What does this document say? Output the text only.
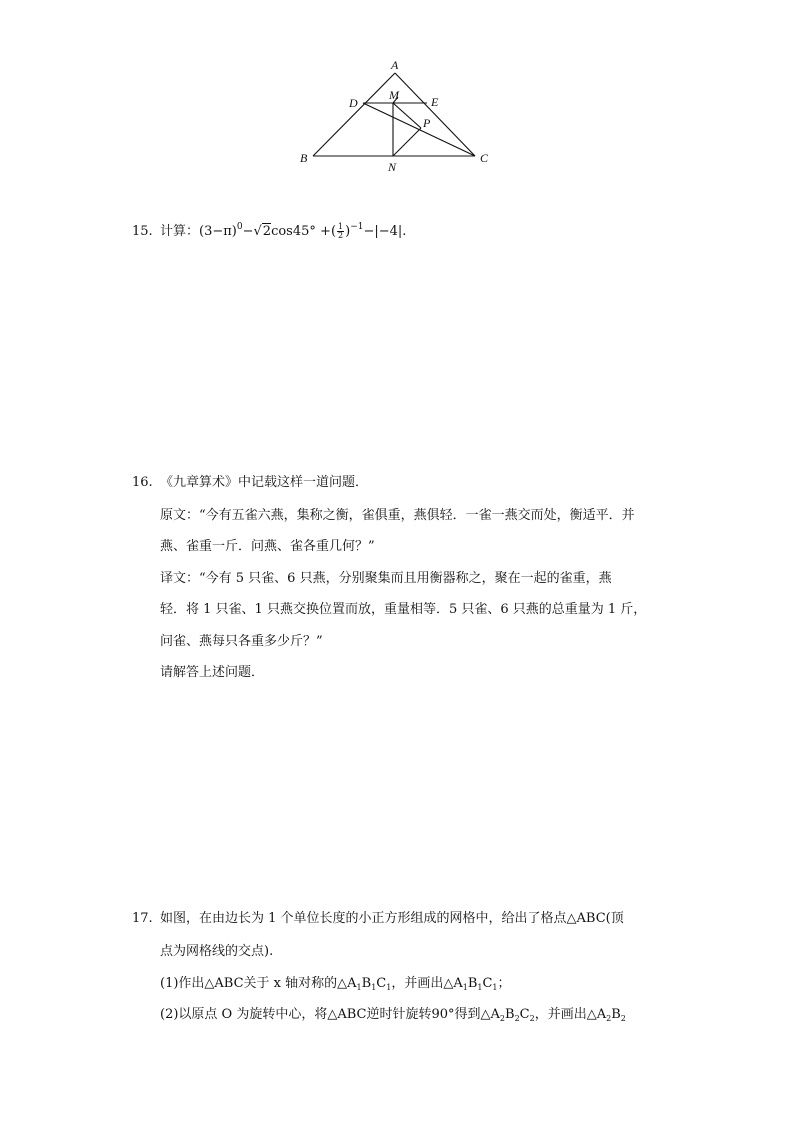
A
B	C
D	E
M
N
P
15. 计算：$(3-\pi)^0-√2\cos 45^\circ$ +( $\frac{1}{2} )^{-1}-|-4|$.
16. 《九章算术》中记载这样一道问题．
原文：“今有五雀六燕，集称之衡，雀俱重，燕俱轻．一雀一燕交而处，衡适平．并
燕、雀重一斤．问燕、雀各重几何？”
译文：“今有 5 只雀、6 只燕，分别聚集而且用衡器称之，聚在一起的雀重，燕
轻．将 1 只雀、1 只燕交换位置而放，重量相等．5 只雀、6 只燕的总重量为 1 斤，
问雀、燕每只各重多少斤？”
请解答上述问题．
17. 如图，在由边长为 1 个单位长度的小正方形组成的网格中，给出了格点△ABC(顶
点为网格线的交点).
(1)作出△ABC关于 x 轴对称的$\triangle A_1B_1C_1$，并画出$\triangle A_1B_1C_1$；
(2)以原点 O 为旋转中心，将△ABC逆时针旋转90°得到$\triangle A_2B_2C_2$，并画出$\triangle A_2B_2$
